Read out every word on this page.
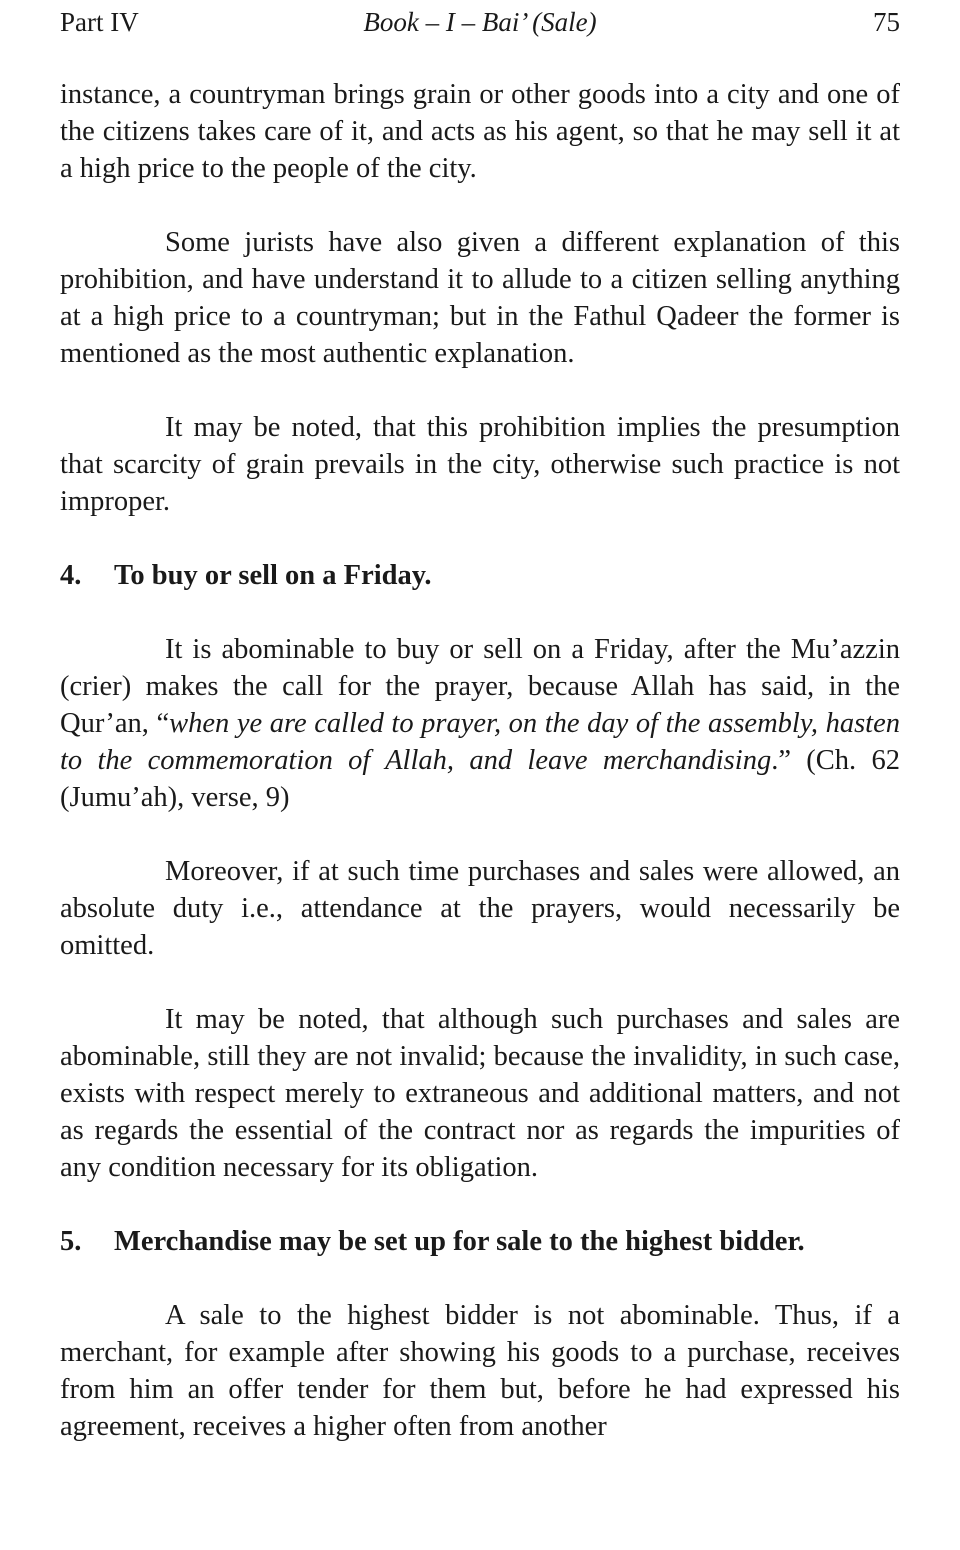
Part IV	Book – I – Bai’ (Sale)	75

instance, a countryman brings grain or other goods into a city and one of the citizens takes care of it, and acts as his agent, so that he may sell it at a high price to the people of the city.

Some jurists have also given a different explanation of this prohibition, and have understand it to allude to a citizen selling anything at a high price to a countryman; but in the Fathul Qadeer the former is mentioned as the most authentic explanation.

It may be noted, that this prohibition implies the presumption that scarcity of grain prevails in the city, otherwise such practice is not improper.

4. To buy or sell on a Friday.

It is abominable to buy or sell on a Friday, after the Mu’azzin (crier) makes the call for the prayer, because Allah has said, in the Qur’an, “when ye are called to prayer, on the day of the assembly, hasten to the commemoration of Allah, and leave merchandising.” (Ch. 62 (Jumu’ah), verse, 9)

Moreover, if at such time purchases and sales were allowed, an absolute duty i.e., attendance at the prayers, would necessarily be omitted.

It may be noted, that although such purchases and sales are abominable, still they are not invalid; because the invalidity, in such case, exists with respect merely to extraneous and additional matters, and not as regards the essential of the contract nor as regards the impurities of any condition necessary for its obligation.

5. Merchandise may be set up for sale to the highest bidder.

A sale to the highest bidder is not abominable. Thus, if a merchant, for example after showing his goods to a purchase, receives from him an offer tender for them but, before he had expressed his agreement, receives a higher often from another
